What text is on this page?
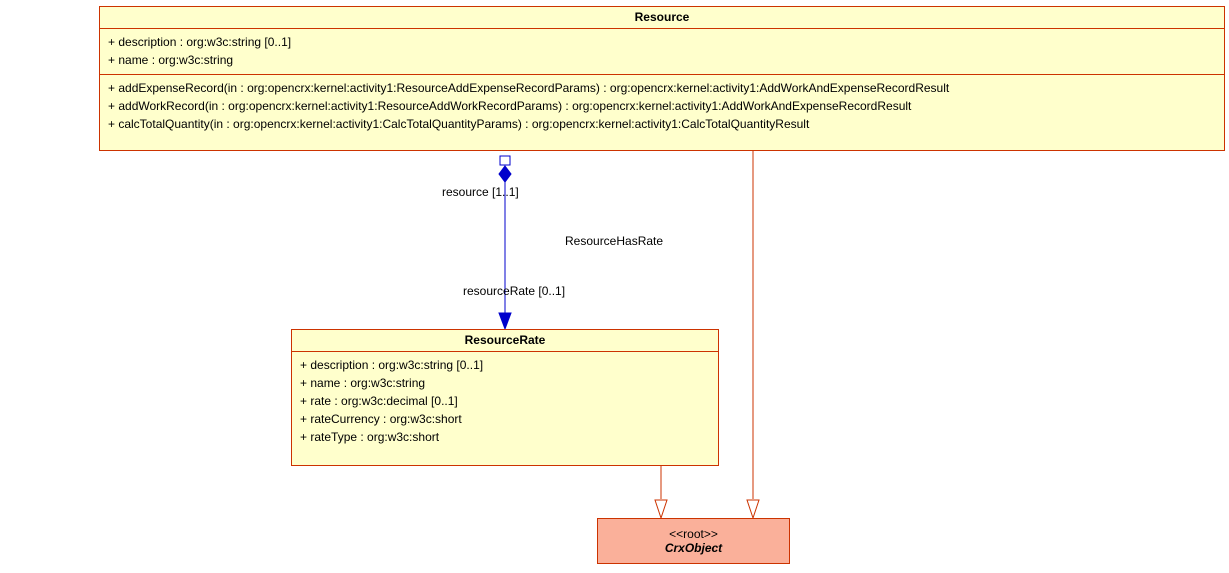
Resource
+ description : org:w3c:string [0..1]
+ name : org:w3c:string
+ addExpenseRecord(in : org:opencrx:kernel:activity1:ResourceAddExpenseRecordParams) : org:opencrx:kernel:activity1:AddWorkAndExpenseRecordResult
+ addWorkRecord(in : org:opencrx:kernel:activity1:ResourceAddWorkRecordParams) : org:opencrx:kernel:activity1:AddWorkAndExpenseRecordResult
+ calcTotalQuantity(in : org:opencrx:kernel:activity1:CalcTotalQuantityParams) : org:opencrx:kernel:activity1:CalcTotalQuantityResult
ResourceRate
+ description : org:w3c:string [0..1]
+ name : org:w3c:string
+ rate : org:w3c:decimal [0..1]
+ rateCurrency : org:w3c:short
+ rateType : org:w3c:short
<<root>>
CrxObject
resource [1..1]
resourceRate [0..1]
ResourceHasRate
